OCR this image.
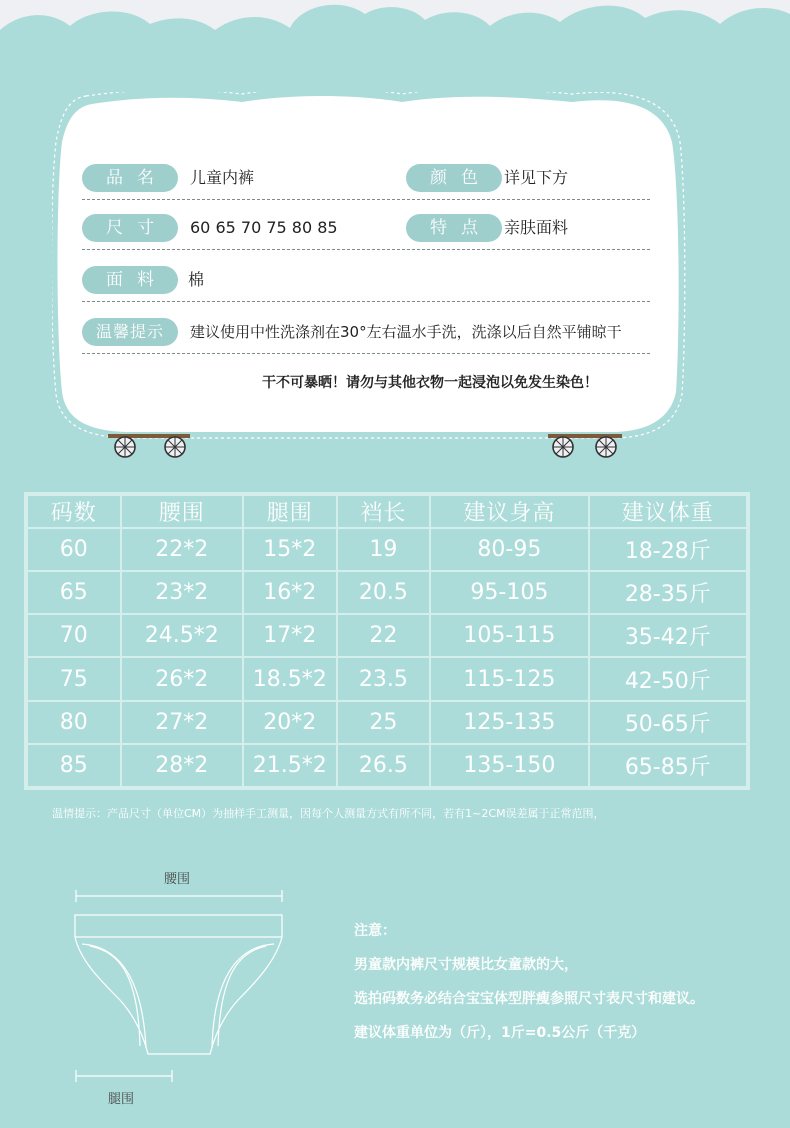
品名	儿童内裤	颜色 详见下方
尺寸	60 65 70 75 80 85	特点 亲肤面料
面料	棉
温馨提示	建议使用中性洗涤剂在30°左右温水手洗，洗涤以后自然平铺晾干
干不可暴晒！请勿与其他衣物一起浸泡以免发生染色！
码数	腰围	腿围	裆长	建议身高	建议体重
60	22*2	15*2	19	80-95	18-28斤
65	23*2	16*2	20.5	95-105	28-35斤
70	24.5*2	17*2	22	105-115	35-42斤
75	26*2	18.5*2	23.5	115-125	42-50斤
80	27*2	20*2	25	125-135	50-65斤
85	28*2	21.5*2	26.5	135-150	65-85斤
温情提示：产品尺寸（单位CM）为抽样手工测量，因每个人测量方式有所不同，若有1~2CM误差属于正常范围，
腰围
腿围
注意：
男童款内裤尺寸规模比女童款的大，
选拍码数务必结合宝宝体型胖瘦参照尺寸表尺寸和建议。
建议体重单位为（斤），1斤=0.5公斤（千克）
